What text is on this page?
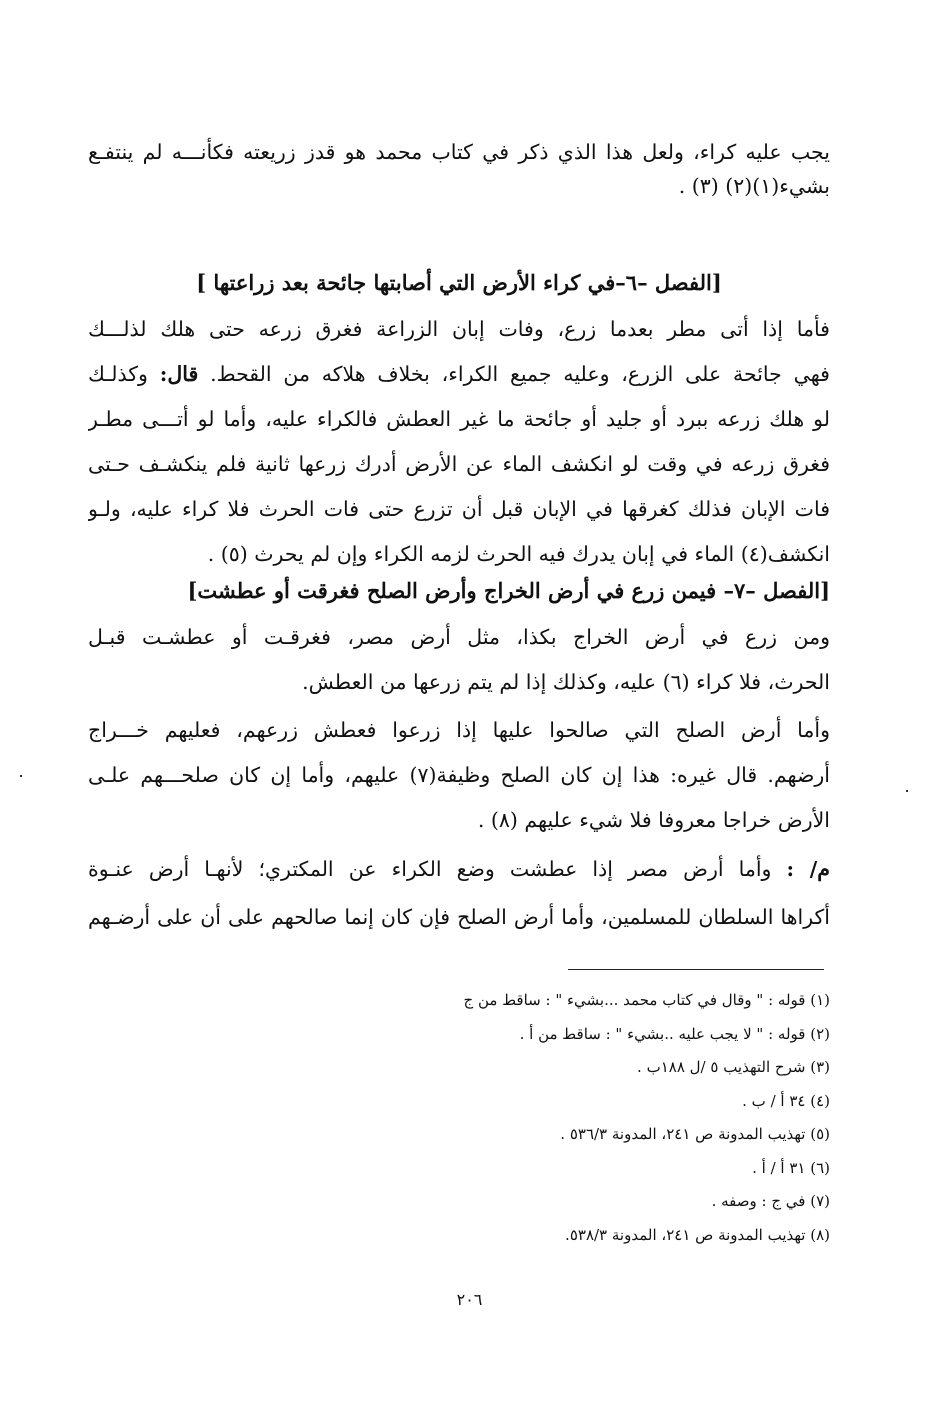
يجب عليه كراء، ولعل هذا الذي ذكر في كتاب محمد هو قدز زريعته فكأنـــه لم ينتفـع
بشيء(١)(٢) (٣) .
[الفصل –٦–في كراء الأرض التي أصابتها جائحة بعد زراعتها ]
فأما إذا أتى مطر بعدما زرع، وفات إبان الزراعة فغرق زرعه حتى هلك لذلـــك
فهي جائحة على الزرع، وعليه جميع الكراء، بخلاف هلاكه من القحط. قال: وكذلـك
لو هلك زرعه ببرد أو جليد أو جائحة ما غير العطش فالكراء عليه، وأما لو أتـــى مطـر
فغرق زرعه في وقت لو انكشف الماء عن الأرض أدرك زرعها ثانية فلم ينكشـف حـتى
فات الإبان فذلك كغرقها في الإبان قبل أن تزرع حتى فات الحرث فلا كراء عليه، ولـو
انكشف(٤) الماء في إبان يدرك فيه الحرث لزمه الكراء وإن لم يحرث (٥) .
[الفصل –٧– فيمن زرع في أرض الخراج وأرض الصلح فغرقت أو عطشت]
ومن زرع في أرض الخراج بكذا، مثل أرض مصر، فغرقـت أو عطشـت قبـل
الحرث، فلا كراء (٦) عليه، وكذلك إذا لم يتم زرعها من العطش.
وأما أرض الصلح التي صالحوا عليها إذا زرعوا فعطش زرعهم، فعليهم خـــراج
أرضهم. قال غيره: هذا إن كان الصلح وظيفة(٧) عليهم، وأما إن كان صلحـــهم علـى
الأرض خراجا معروفا فلا شيء عليهم (٨) .
م/ : وأما أرض مصر إذا عطشت وضع الكراء عن المكتري؛ لأنهـا أرض عنـوة
أكراها السلطان للمسلمين، وأما أرض الصلح فإن كان إنما صالحهم على أن على أرضـهم
(١) قوله : " وقال في كتاب محمد ...بشيء " : ساقط من ج
(٢) قوله : " لا يجب عليه ..بشيء " : ساقط من أ .
(٣) شرح التهذيب ٥ /ل ١٨٨ب .
(٤) ٣٤ أ / ب .
(٥) تهذيب المدونة ص ٢٤١، المدونة ٥٣٦/٣ .
(٦) ٣١ أ / أ .
(٧) في ج : وصفه .
(٨) تهذيب المدونة ص ٢٤١، المدونة ٥٣٨/٣.
٢٠٦
